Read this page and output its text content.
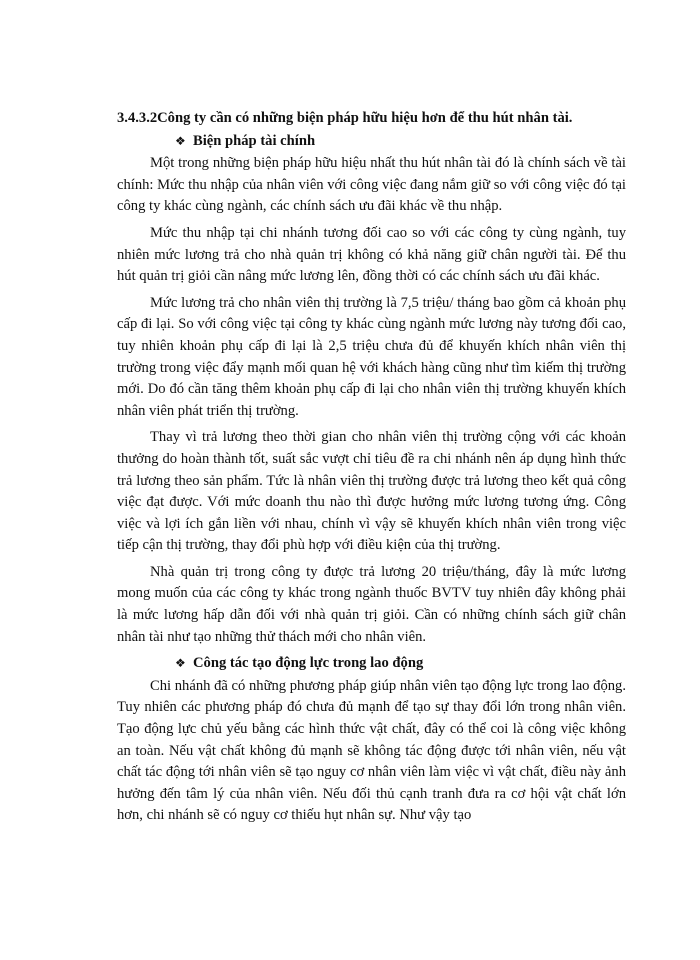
3.4.3.2Công ty cần có những biện pháp hữu hiệu hơn để thu hút nhân tài.

❖ Biện pháp tài chính

Một trong những biện pháp hữu hiệu nhất thu hút nhân tài đó là chính sách về tài chính: Mức thu nhập của nhân viên với công việc đang nắm giữ so với công việc đó tại công ty khác cùng ngành, các chính sách ưu đãi khác về thu nhập.

Mức thu nhập tại chi nhánh tương đối cao so với các công ty cùng ngành, tuy nhiên mức lương trả cho nhà quản trị không có khả năng giữ chân người tài. Để thu hút quản trị giỏi cần nâng mức lương lên, đồng thời có các chính sách ưu đãi khác.

Mức lương trả cho nhân viên thị trường là 7,5 triệu/ tháng bao gồm cả khoản phụ cấp đi lại. So với công việc tại công ty khác cùng ngành mức lương này tương đối cao, tuy nhiên khoản phụ cấp đi lại là 2,5 triệu chưa đủ để khuyến khích nhân viên thị trường trong việc đẩy mạnh mối quan hệ với khách hàng cũng như tìm kiếm thị trường mới. Do đó cần tăng thêm khoản phụ cấp đi lại cho nhân viên thị trường khuyến khích nhân viên phát triển thị trường.

Thay vì trả lương theo thời gian cho nhân viên thị trường cộng với các khoản thưởng do hoàn thành tốt, suất sắc vượt chỉ tiêu đề ra chi nhánh nên áp dụng hình thức trả lương theo sản phẩm. Tức là nhân viên thị trường được trả lương theo kết quả công việc đạt được. Với mức doanh thu nào thì được hưởng mức lương tương ứng. Công việc và lợi ích gắn liền với nhau, chính vì vậy sẽ khuyến khích nhân viên trong việc tiếp cận thị trường, thay đổi phù hợp với điều kiện của thị trường.

Nhà quản trị trong công ty được trả lương 20 triệu/tháng, đây là mức lương mong muốn của các công ty khác trong ngành thuốc BVTV tuy nhiên đây không phải là mức lương hấp dẫn đối với nhà quản trị giỏi. Cần có những chính sách giữ chân nhân tài như tạo những thử thách mới cho nhân viên.

❖ Công tác tạo động lực trong lao động

Chi nhánh đã có những phương pháp giúp nhân viên tạo động lực trong lao động. Tuy nhiên các phương pháp đó chưa đủ mạnh để tạo sự thay đổi lớn trong nhân viên. Tạo động lực chủ yếu bằng các hình thức vật chất, đây có thể coi là công việc không an toàn. Nếu vật chất không đủ mạnh sẽ không tác động được tới nhân viên, nếu vật chất tác động tới nhân viên sẽ tạo nguy cơ nhân viên làm việc vì vật chất, điều này ảnh hưởng đến tâm lý của nhân viên. Nếu đối thủ cạnh tranh đưa ra cơ hội vật chất lớn hơn, chi nhánh sẽ có nguy cơ thiếu hụt nhân sự. Như vậy tạo
